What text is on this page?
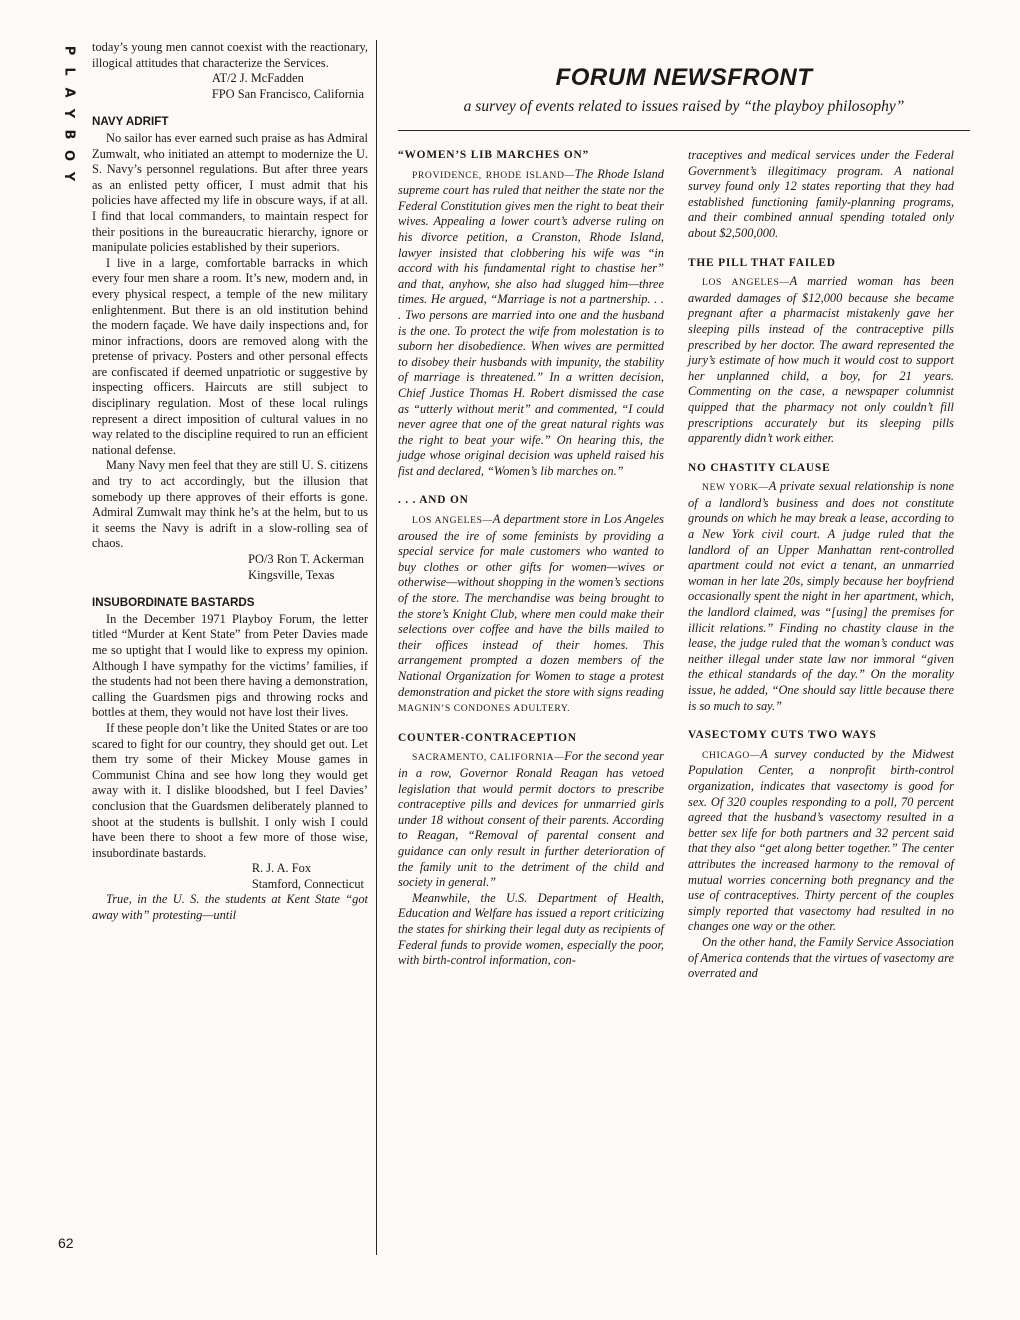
P
L
A
Y
B
O
Y
62

today’s young men cannot coexist with the reactionary, illogical attitudes that characterize the Services.

AT/2 J. McFadden
FPO San Francisco, California
NAVY ADRIFT

No sailor has ever earned such praise as has Admiral Zumwalt, who initiated an attempt to modernize the U. S. Navy’s personnel regulations. But after three years as an enlisted petty officer, I must admit that his policies have affected my life in obscure ways, if at all. I find that local commanders, to maintain respect for their positions in the bureaucratic hierarchy, ignore or manipulate policies established by their superiors.

I live in a large, comfortable barracks in which every four men share a room. It’s new, modern and, in every physical respect, a temple of the new military enlightenment. But there is an old institution behind the modern façade. We have daily inspections and, for minor infractions, doors are removed along with the pretense of privacy. Posters and other personal effects are confiscated if deemed unpatriotic or suggestive by inspecting officers. Haircuts are still subject to disciplinary regulation. Most of these local rulings represent a direct imposition of cultural values in no way related to the discipline required to run an efficient national defense.

Many Navy men feel that they are still U. S. citizens and try to act accordingly, but the illusion that somebody up there approves of their efforts is gone. Admiral Zumwalt may think he’s at the helm, but to us it seems the Navy is adrift in a slow-rolling sea of chaos.

PO/3 Ron T. Ackerman
Kingsville, Texas
INSUBORDINATE BASTARDS

In the December 1971 Playboy Forum, the letter titled “Murder at Kent State” from Peter Davies made me so uptight that I would like to express my opinion. Although I have sympathy for the victims’ families, if the students had not been there having a demonstration, calling the Guardsmen pigs and throwing rocks and bottles at them, they would not have lost their lives.

If these people don’t like the United States or are too scared to fight for our country, they should get out. Let them try some of their Mickey Mouse games in Communist China and see how long they would get away with it. I dislike bloodshed, but I feel Davies’ conclusion that the Guardsmen deliberately planned to shoot at the students is bullshit. I only wish I could have been there to shoot a few more of those wise, insubordinate bastards.

R. J. A. Fox
Stamford, Connecticut

True, in the U. S. the students at Kent State “got away with” protesting—until

FORUM NEWSFRONT
a survey of events related to issues raised by “the playboy philosophy”
“WOMEN’S LIB MARCHES ON”

PROVIDENCE, RHODE ISLAND—The Rhode Island supreme court has ruled that neither the state nor the Federal Constitution gives men the right to beat their wives. Appealing a lower court’s adverse ruling on his divorce petition, a Cranston, Rhode Island, lawyer insisted that clobbering his wife was “in accord with his fundamental right to chastise her” and that, anyhow, she also had slugged him—three times. He argued, “Marriage is not a partnership. . . . Two persons are married into one and the husband is the one. To protect the wife from molestation is to suborn her disobedience. When wives are permitted to disobey their husbands with impunity, the stability of marriage is threatened.” In a written decision, Chief Justice Thomas H. Robert dismissed the case as “utterly without merit” and commented, “I could never agree that one of the great natural rights was the right to beat your wife.” On hearing this, the judge whose original decision was upheld raised his fist and declared, “Women’s lib marches on.”

. . . AND ON

LOS ANGELES—A department store in Los Angeles aroused the ire of some feminists by providing a special service for male customers who wanted to buy clothes or other gifts for women—wives or otherwise—without shopping in the women’s sections of the store. The merchandise was being brought to the store’s Knight Club, where men could make their selections over coffee and have the bills mailed to their offices instead of their homes. This arrangement prompted a dozen members of the National Organization for Women to stage a protest demonstration and picket the store with signs reading MAGNIN’S CONDONES ADULTERY.

COUNTER-CONTRACEPTION

SACRAMENTO, CALIFORNIA—For the second year in a row, Governor Ronald Reagan has vetoed legislation that would permit doctors to prescribe contraceptive pills and devices for unmarried girls under 18 without consent of their parents. According to Reagan, “Removal of parental consent and guidance can only result in further deterioration of the family unit to the detriment of the child and society in general.”

Meanwhile, the U.S. Department of Health, Education and Welfare has issued a report criticizing the states for shirking their legal duty as recipients of Federal funds to provide women, especially the poor, with birth-control information, con-

traceptives and medical services under the Federal Government’s illegitimacy program. A national survey found only 12 states reporting that they had established functioning family-planning programs, and their combined annual spending totaled only about $2,500,000.

THE PILL THAT FAILED

LOS ANGELES—A married woman has been awarded damages of $12,000 because she became pregnant after a pharmacist mistakenly gave her sleeping pills instead of the contraceptive pills prescribed by her doctor. The award represented the jury’s estimate of how much it would cost to support her unplanned child, a boy, for 21 years. Commenting on the case, a newspaper columnist quipped that the pharmacy not only couldn’t fill prescriptions accurately but its sleeping pills apparently didn’t work either.

NO CHASTITY CLAUSE

NEW YORK—A private sexual relationship is none of a landlord’s business and does not constitute grounds on which he may break a lease, according to a New York civil court. A judge ruled that the landlord of an Upper Manhattan rent-controlled apartment could not evict a tenant, an unmarried woman in her late 20s, simply because her boyfriend occasionally spent the night in her apartment, which, the landlord claimed, was “[using] the premises for illicit relations.” Finding no chastity clause in the lease, the judge ruled that the woman’s conduct was neither illegal under state law nor immoral “given the ethical standards of the day.” On the morality issue, he added, “One should say little because there is so much to say.”

VASECTOMY CUTS TWO WAYS

CHICAGO—A survey conducted by the Midwest Population Center, a nonprofit birth-control organization, indicates that vasectomy is good for sex. Of 320 couples responding to a poll, 70 percent agreed that the husband’s vasectomy resulted in a better sex life for both partners and 32 percent said that they also “get along better together.” The center attributes the increased harmony to the removal of mutual worries concerning both pregnancy and the use of contraceptives. Thirty percent of the couples simply reported that vasectomy had resulted in no changes one way or the other.

On the other hand, the Family Service Association of America contends that the virtues of vasectomy are overrated and
